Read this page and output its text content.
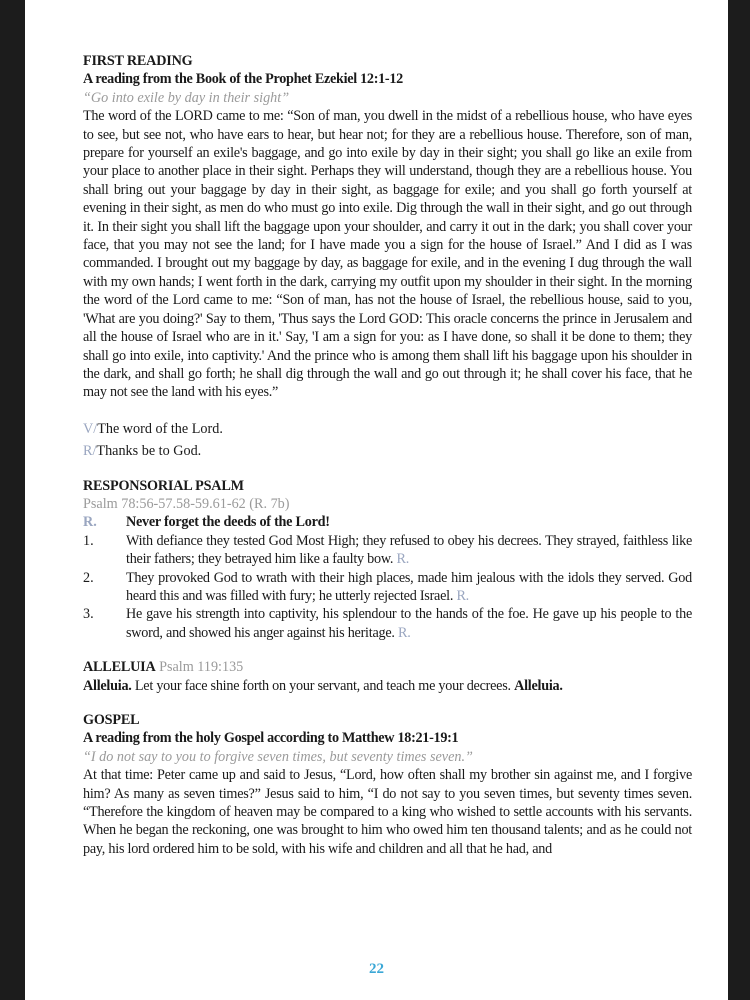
FIRST READING
A reading from the Book of the Prophet Ezekiel 12:1-12
“Go into exile by day in their sight”
The word of the LORD came to me: “Son of man, you dwell in the midst of a rebellious house, who have eyes to see, but see not, who have ears to hear, but hear not; for they are a rebellious house. Therefore, son of man, prepare for yourself an exile's baggage, and go into exile by day in their sight; you shall go like an exile from your place to another place in their sight. Perhaps they will understand, though they are a rebellious house. You shall bring out your baggage by day in their sight, as baggage for exile; and you shall go forth yourself at evening in their sight, as men do who must go into exile. Dig through the wall in their sight, and go out through it. In their sight you shall lift the baggage upon your shoulder, and carry it out in the dark; you shall cover your face, that you may not see the land; for I have made you a sign for the house of Israel.” And I did as I was commanded. I brought out my baggage by day, as baggage for exile, and in the evening I dug through the wall with my own hands; I went forth in the dark, carrying my outfit upon my shoulder in their sight. In the morning the word of the Lord came to me: “Son of man, has not the house of Israel, the rebellious house, said to you, 'What are you doing?' Say to them, 'Thus says the Lord GOD: This oracle concerns the prince in Jerusalem and all the house of Israel who are in it.' Say, 'I am a sign for you: as I have done, so shall it be done to them; they shall go into exile, into captivity.' And the prince who is among them shall lift his baggage upon his shoulder in the dark, and shall go forth; he shall dig through the wall and go out through it; he shall cover his face, that he may not see the land with his eyes.”
V/The word of the Lord.
R/Thanks be to God.
RESPONSORIAL PSALM
Psalm 78:56-57.58-59.61-62 (R. 7b)
R.	Never forget the deeds of the Lord!
1.	With defiance they tested God Most High; they refused to obey his decrees. They strayed, faithless like their fathers; they betrayed him like a faulty bow. R.
2.	They provoked God to wrath with their high places, made him jealous with the idols they served. God heard this and was filled with fury; he utterly rejected Israel. R.
3.	He gave his strength into captivity, his splendour to the hands of the foe. He gave up his people to the sword, and showed his anger against his heritage. R.
ALLELUIA Psalm 119:135
Alleluia. Let your face shine forth on your servant, and teach me your decrees. Alleluia.
GOSPEL
A reading from the holy Gospel according to Matthew 18:21-19:1
“I do not say to you to forgive seven times, but seventy times seven.”
At that time: Peter came up and said to Jesus, “Lord, how often shall my brother sin against me, and I forgive him? As many as seven times?” Jesus said to him, “I do not say to you seven times, but seventy times seven. “Therefore the kingdom of heaven may be compared to a king who wished to settle accounts with his servants. When he began the reckoning, one was brought to him who owed him ten thousand talents; and as he could not pay, his lord ordered him to be sold, with his wife and children and all that he had, and
22
